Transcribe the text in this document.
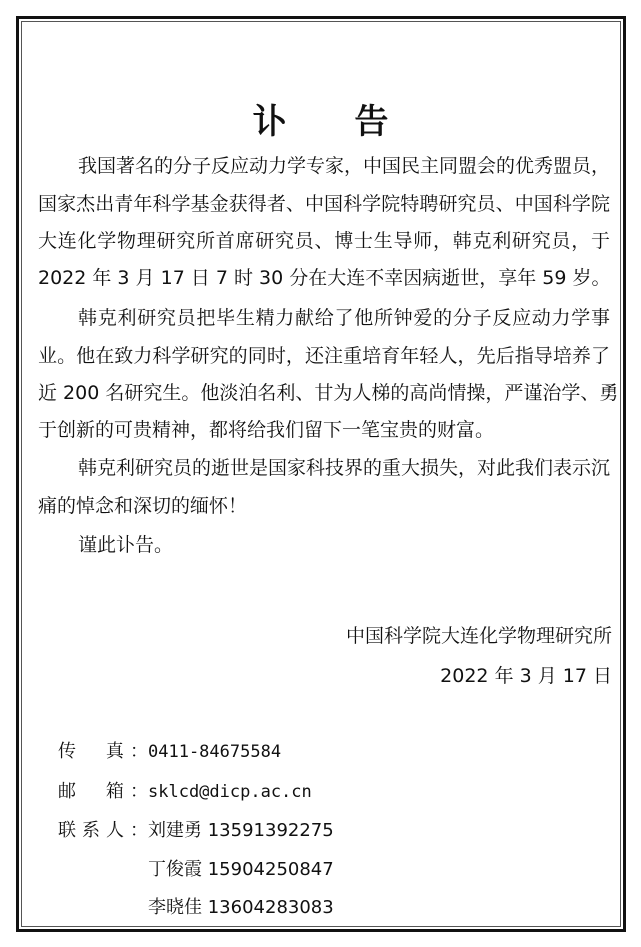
讣 告
我国著名的分子反应动力学专家，中国民主同盟会的优秀盟员，
国家杰出青年科学基金获得者、中国科学院特聘研究员、中国科学院
大连化学物理研究所首席研究员、博士生导师，韩克利研究员，于
2022 年 3 月 17 日 7 时 30 分在大连不幸因病逝世，享年 59 岁。
韩克利研究员把毕生精力献给了他所钟爱的分子反应动力学事
业。他在致力科学研究的同时，还注重培育年轻人，先后指导培养了
近 200 名研究生。他淡泊名利、甘为人梯的高尚情操，严谨治学、勇
于创新的可贵精神，都将给我们留下一笔宝贵的财富。
韩克利研究员的逝世是国家科技界的重大损失，对此我们表示沉
痛的悼念和深切的缅怀！
谨此讣告。
中国科学院大连化学物理研究所
2022 年 3 月 17 日
传  真：0411-84675584
邮  箱：sklcd@dicp.ac.cn
联系人：刘建勇 13591392275
丁俊霞 15904250847
李晓佳 13604283083
